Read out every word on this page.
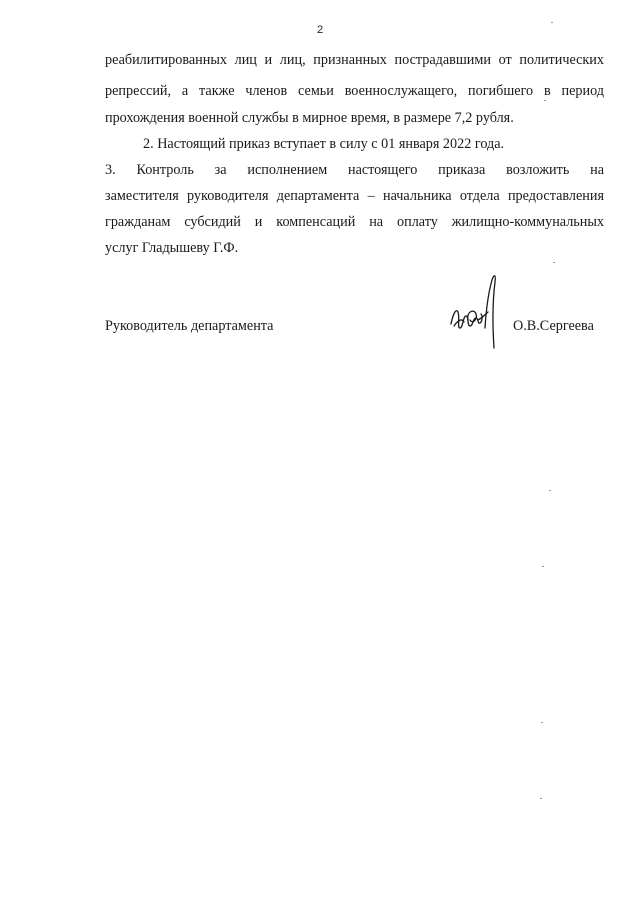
2
реабилитированных лиц и лиц, признанных пострадавшими от политических
репрессий, а также членов семьи военнослужащего, погибшего в период
прохождения военной службы в мирное время, в размере 7,2 рубля.
2. Настоящий приказ вступает в силу с 01 января 2022 года.
3. Контроль за исполнением настоящего приказа возложить на
заместителя руководителя департамента – начальника отдела предоставления
гражданам субсидий и компенсаций на оплату жилищно-коммунальных
услуг Гладышеву Г.Ф.
Руководитель департамента	О.В.Сергеева
